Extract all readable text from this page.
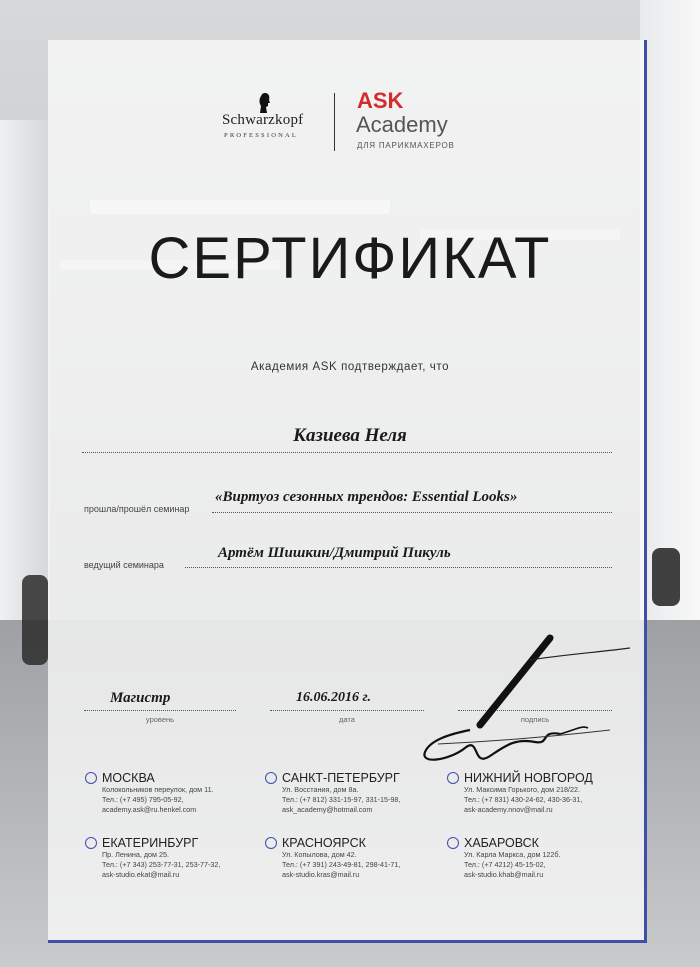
Schwarzkopf
PROFESSIONAL
ASK
Academy
ДЛЯ ПАРИКМАХЕРОВ
СЕРТИФИКАТ
Академия ASK подтверждает, что
Казиева Неля
прошла/прошёл семинар
«Виртуоз сезонных трендов: Essential Looks»
ведущий семинара
Артём Шишкин/Дмитрий Пикуль
Магистр
уровень
16.06.2016 г.
дата	подпись
МОСКВА
Колокольников переулок, дом 11.
Тел.: (+7 495) 795-05-92,
academy.ask@ru.henkel.com
САНКТ-ПЕТЕРБУРГ
Ул. Восстания, дом 8а.
Тел.: (+7 812) 331-15-97, 331-15-98,
ask_academy@hotmail.com
НИЖНИЙ НОВГОРОД
Ул. Максима Горького, дом 218/22.
Тел.: (+7 831) 430-24-62, 430-36-31,
ask-academy.nnov@mail.ru
ЕКАТЕРИНБУРГ
Пр. Ленина, дом 25.
Тел.: (+7 343) 253-77-31, 253-77-32,
ask-studio.ekat@mail.ru
КРАСНОЯРСК
Ул. Копылова, дом 42.
Тел.: (+7 391) 243-49-81, 298-41-71,
ask-studio.kras@mail.ru
ХАБАРОВСК
Ул. Карла Маркса, дом 122б.
Тел.: (+7 4212) 45-15-02,
ask-studio.khab@mail.ru
